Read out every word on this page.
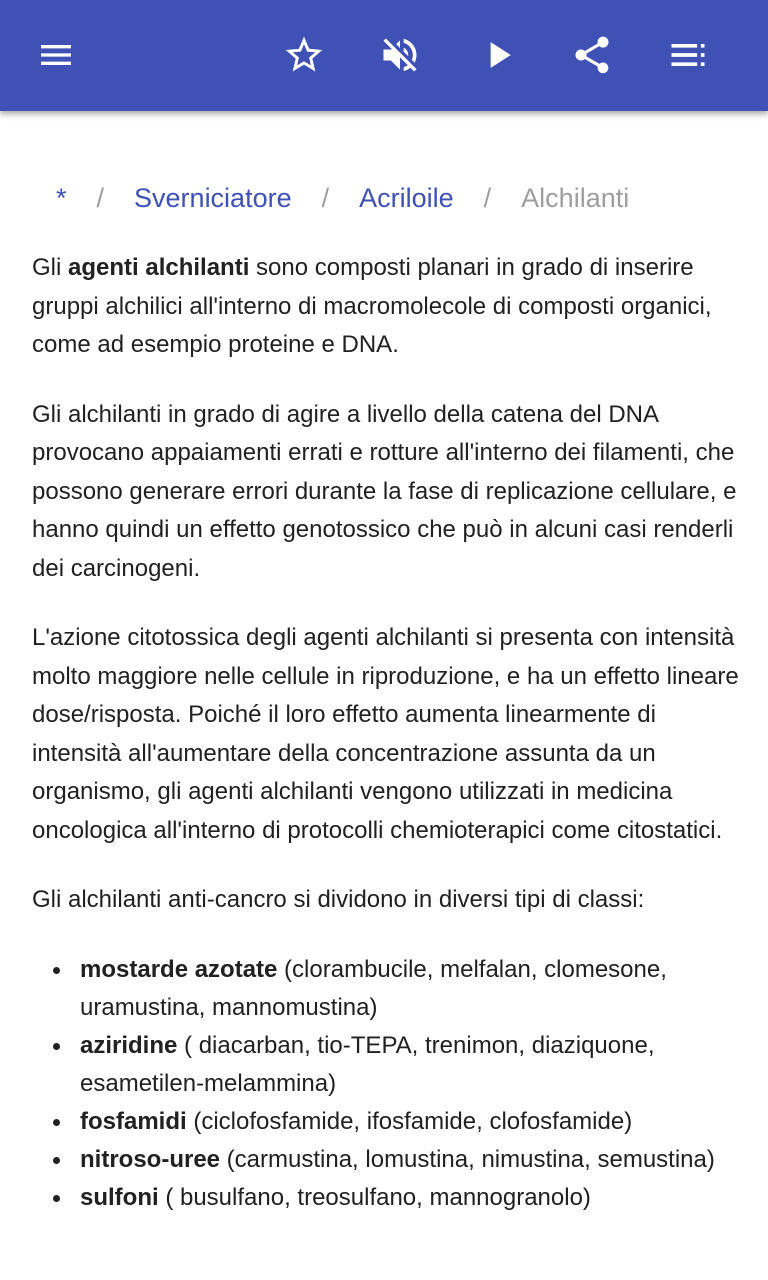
*	/	Sverniciatore	/	Acriloile	/	Alchilanti

Gli agenti alchilanti sono composti planari in grado di inserire gruppi alchilici all'interno di macromolecole di composti organici, come ad esempio proteine e DNA.

Gli alchilanti in grado di agire a livello della catena del DNA provocano appaiamenti errati e rotture all'interno dei filamenti, che possono generare errori durante la fase di replicazione cellulare, e hanno quindi un effetto genotossico che può in alcuni casi renderli dei carcinogeni.

L'azione citotossica degli agenti alchilanti si presenta con intensità molto maggiore nelle cellule in riproduzione, e ha un effetto lineare dose/risposta. Poiché il loro effetto aumenta linearmente di intensità all'aumentare della concentrazione assunta da un organismo, gli agenti alchilanti vengono utilizzati in medicina oncologica all'interno di protocolli chemioterapici come citostatici.

Gli alchilanti anti-cancro si dividono in diversi tipi di classi:

mostarde azotate (clorambucile, melfalan, clomesone, uramustina, mannomustina)
aziridine ( diacarban, tio-TEPA, trenimon, diaziquone, esametilen-melammina)
fosfamidi (ciclofosfamide, ifosfamide, clofosfamide)
nitroso-uree (carmustina, lomustina, nimustina, semustina)
sulfoni ( busulfano, treosulfano, mannogranolo)
